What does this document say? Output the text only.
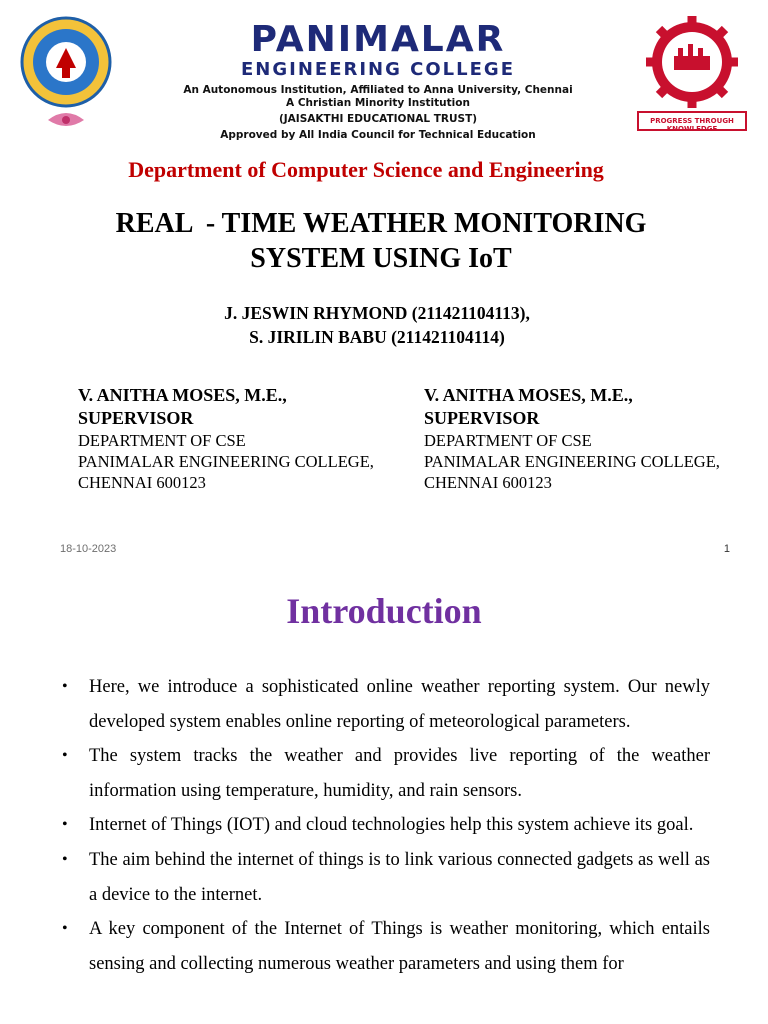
PANIMALAR
ENGINEERING COLLEGE
An Autonomous Institution, Affiliated to Anna University, Chennai
A Christian Minority Institution
(JAISAKTHI EDUCATIONAL TRUST)
Approved by All India Council for Technical Education
PROGRESS THROUGH KNOWLEDGE
Department of Computer Science and Engineering
REAL  - TIME WEATHER MONITORING
SYSTEM USING IoT
J. JESWIN RHYMOND (211421104113),
S. JIRILIN BABU (211421104114)
V. ANITHA MOSES, M.E.,
SUPERVISOR
DEPARTMENT OF CSE
PANIMALAR ENGINEERING COLLEGE,
CHENNAI 600123
V. ANITHA MOSES, M.E.,
SUPERVISOR
DEPARTMENT OF CSE
PANIMALAR ENGINEERING COLLEGE,
CHENNAI 600123
18-10-2023	1
Introduction
• Here, we introduce a sophisticated online weather reporting system. Our newly developed system enables online reporting of meteorological parameters.
• The system tracks the weather and provides live reporting of the weather information using temperature, humidity, and rain sensors.
• Internet of Things (IOT) and cloud technologies help this system achieve its goal.
• The aim behind the internet of things is to link various connected gadgets as well as a device to the internet.
• A key component of the Internet of Things is weather monitoring, which entails sensing and collecting numerous weather parameters and using them for
